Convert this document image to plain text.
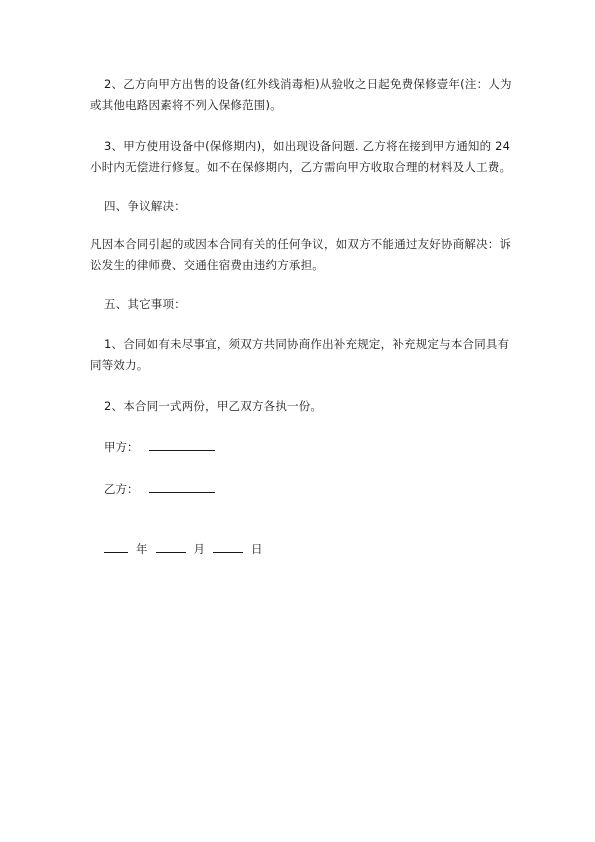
2、乙方向甲方出售的设备(红外线消毒柜)从验收之日起免费保修壹年(注：人为或其他电路因素将不列入保修范围)。

3、甲方使用设备中(保修期内)，如出现设备问题. 乙方将在接到甲方通知的 24 小时内无偿进行修复。如不在保修期内，乙方需向甲方收取合理的材料及人工费。

四、争议解决：

凡因本合同引起的或因本合同有关的任何争议，如双方不能通过友好协商解决：诉讼发生的律师费、交通住宿费由违约方承担。

五、其它事项：

1、合同如有未尽事宜，须双方共同协商作出补充规定，补充规定与本合同具有同等效力。

2、本合同一式两份，甲乙双方各执一份。

甲方：
乙方：
年	月	日
